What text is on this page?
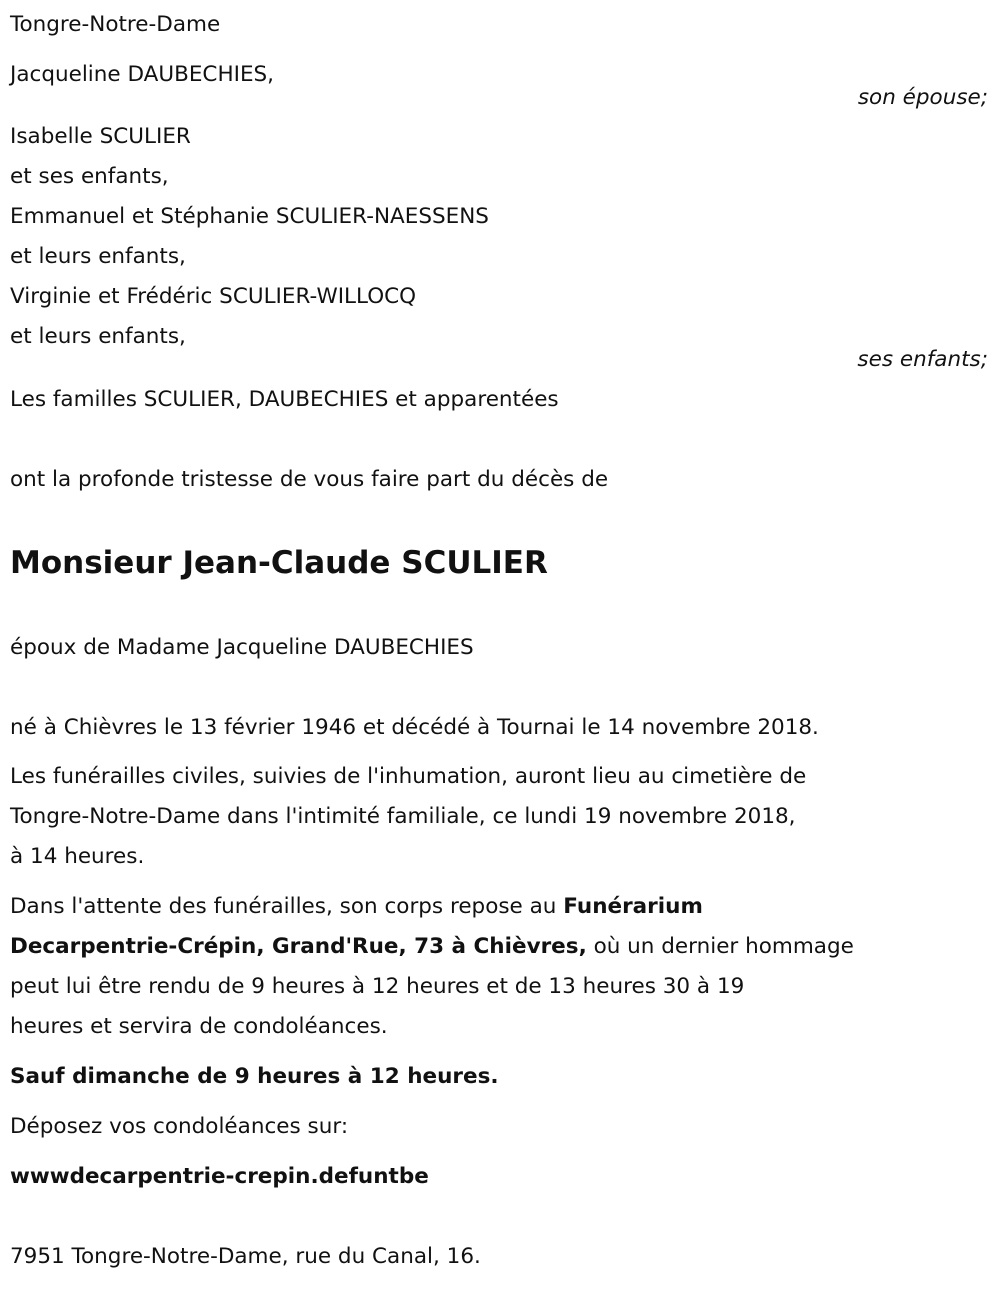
Tongre-Notre-Dame
Jacqueline DAUBECHIES,
son épouse;
Isabelle SCULIER
et ses enfants,
Emmanuel et Stéphanie SCULIER-NAESSENS
et leurs enfants,
Virginie et Frédéric SCULIER-WILLOCQ
et leurs enfants,
ses enfants;
Les familles SCULIER, DAUBECHIES et apparentées
ont la profonde tristesse de vous faire part du décès de
Monsieur Jean-Claude SCULIER
époux de Madame Jacqueline DAUBECHIES
né à Chièvres le 13 février 1946 et décédé à Tournai le 14 novembre 2018.
Les funérailles civiles, suivies de l'inhumation, auront lieu au cimetière de
Tongre-Notre-Dame dans l'intimité familiale, ce lundi 19 novembre 2018,
à 14 heures.
Dans l'attente des funérailles, son corps repose au Funérarium
Decarpentrie-Crépin, Grand'Rue, 73 à Chièvres, où un dernier hommage
peut lui être rendu de 9 heures à 12 heures et de 13 heures 30 à 19
heures et servira de condoléances.
Sauf dimanche de 9 heures à 12 heures.
Déposez vos condoléances sur:
wwwdecarpentrie-crepin.defuntbe
7951 Tongre-Notre-Dame, rue du Canal, 16.
